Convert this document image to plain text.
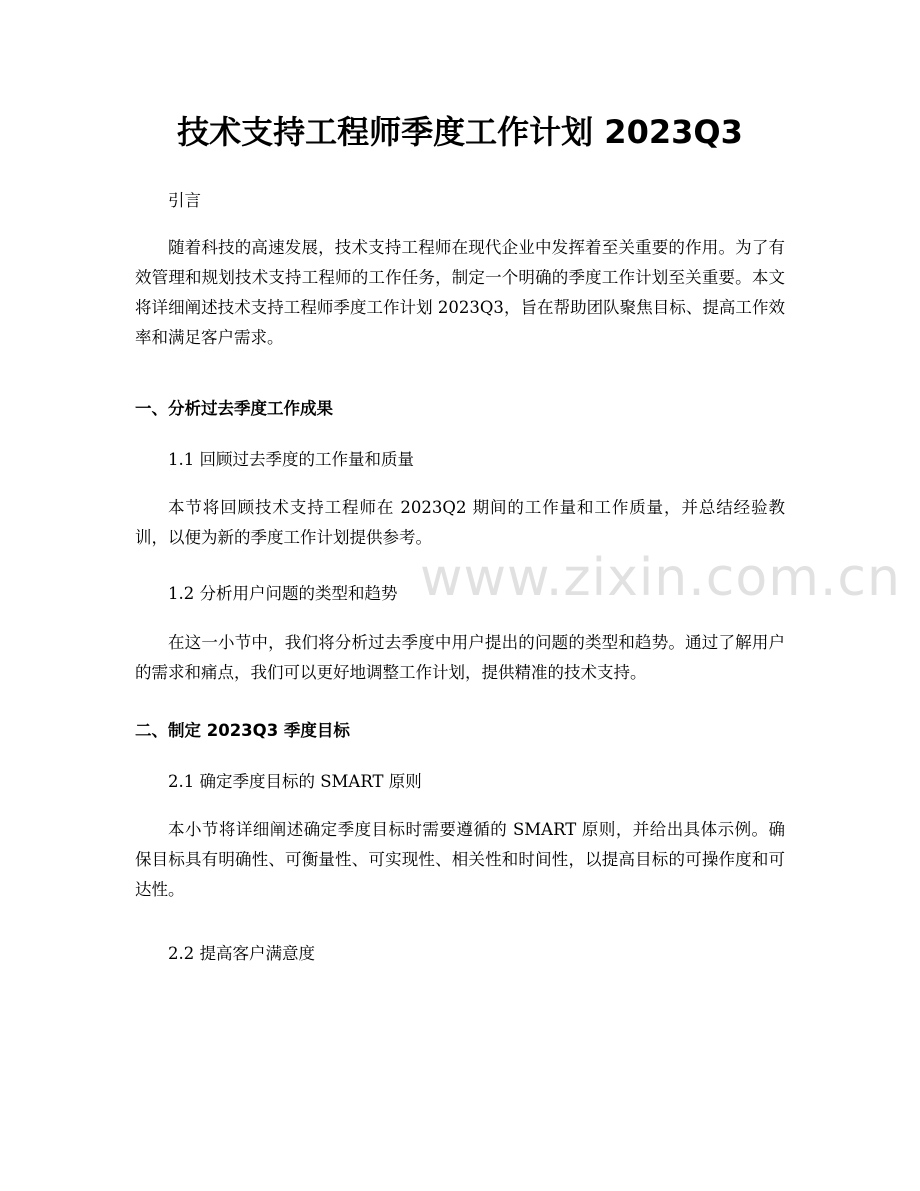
技术支持工程师季度工作计划 2023Q3

引言

随着科技的高速发展，技术支持工程师在现代企业中发挥着至关重要的作用。为了有效管理和规划技术支持工程师的工作任务，制定一个明确的季度工作计划至关重要。本文将详细阐述技术支持工程师季度工作计划 2023Q3，旨在帮助团队聚焦目标、提高工作效率和满足客户需求。

一、分析过去季度工作成果

1.1 回顾过去季度的工作量和质量

本节将回顾技术支持工程师在 2023Q2 期间的工作量和工作质量，并总结经验教训，以便为新的季度工作计划提供参考。

1.2 分析用户问题的类型和趋势

在这一小节中，我们将分析过去季度中用户提出的问题的类型和趋势。通过了解用户的需求和痛点，我们可以更好地调整工作计划，提供精准的技术支持。

二、制定 2023Q3 季度目标

2.1 确定季度目标的 SMART 原则

本小节将详细阐述确定季度目标时需要遵循的 SMART 原则，并给出具体示例。确保目标具有明确性、可衡量性、可实现性、相关性和时间性，以提高目标的可操作度和可达性。

2.2 提高客户满意度

www.zixin.com.cn
